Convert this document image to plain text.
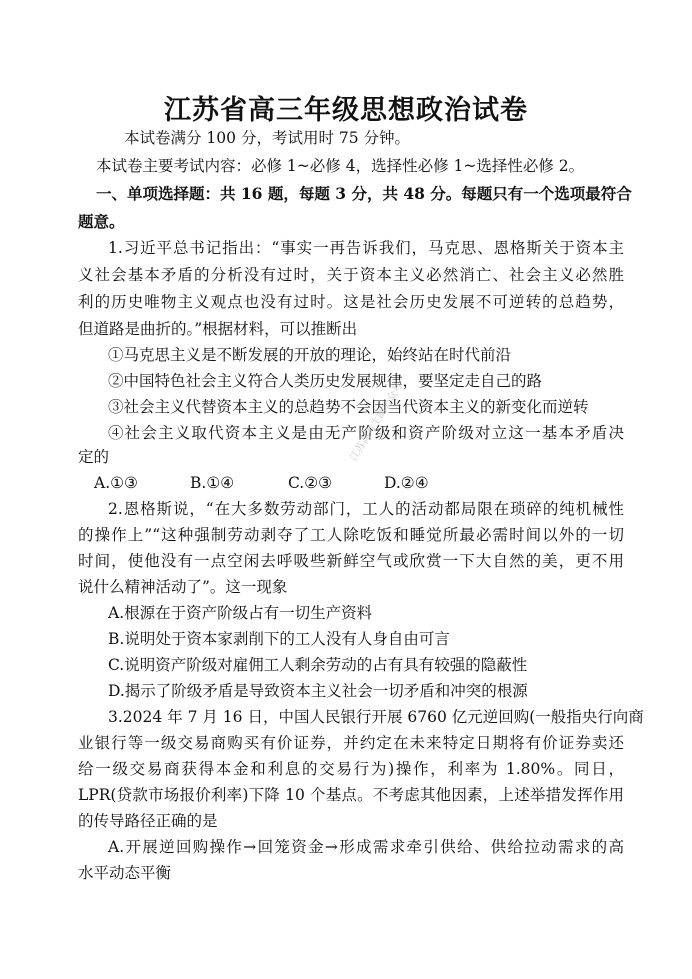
江苏省高三年级思想政治试卷
本试卷满分 100 分，考试用时 75 分钟。
本试卷主要考试内容：必修 1~必修 4，选择性必修 1~选择性必修 2。
一、单项选择题：共 16 题，每题 3 分，共 48 分。每题只有一个选项最符合
题意。
1.习近平总书记指出：“事实一再告诉我们，马克思、恩格斯关于资本主
义社会基本矛盾的分析没有过时，关于资本主义必然消亡、社会主义必然胜
利的历史唯物主义观点也没有过时。这是社会历史发展不可逆转的总趋势，
但道路是曲折的。”根据材料，可以推断出
①马克思主义是不断发展的开放的理论，始终站在时代前沿
②中国特色社会主义符合人类历史发展规律，要坚定走自己的路
③社会主义代替资本主义的总趋势不会因当代资本主义的新变化而逆转
④社会主义取代资本主义是由无产阶级和资产阶级对立这一基本矛盾决
定的
A.①③	B.①④	C.②③	D.②④
2.恩格斯说，“在大多数劳动部门，工人的活动都局限在琐碎的纯机械性
的操作上”“这种强制劳动剥夺了工人除吃饭和睡觉所最必需时间以外的一切
时间，使他没有一点空闲去呼吸些新鲜空气或欣赏一下大自然的美，更不用
说什么精神活动了”。这一现象
A.根源在于资产阶级占有一切生产资料
B.说明处于资本家剥削下的工人没有人身自由可言
C.说明资产阶级对雇佣工人剩余劳动的占有具有较强的隐蔽性
D.揭示了阶级矛盾是导致资本主义社会一切矛盾和冲突的根源
3.2024 年 7 月 16 日，中国人民银行开展 6760 亿元逆回购(一般指央行向商
业银行等一级交易商购买有价证券，并约定在未来特定日期将有价证券卖还
给一级交易商获得本金和利息的交易行为)操作，利率为 1.80%。同日，
LPR(贷款市场报价利率)下降 10 个基点。不考虑其他因素，上述举措发挥作用
的传导路径正确的是
A.开展逆回购操作→回笼资金→形成需求牵引供给、供给拉动需求的高
水平动态平衡
江苏高考生圈公众号
